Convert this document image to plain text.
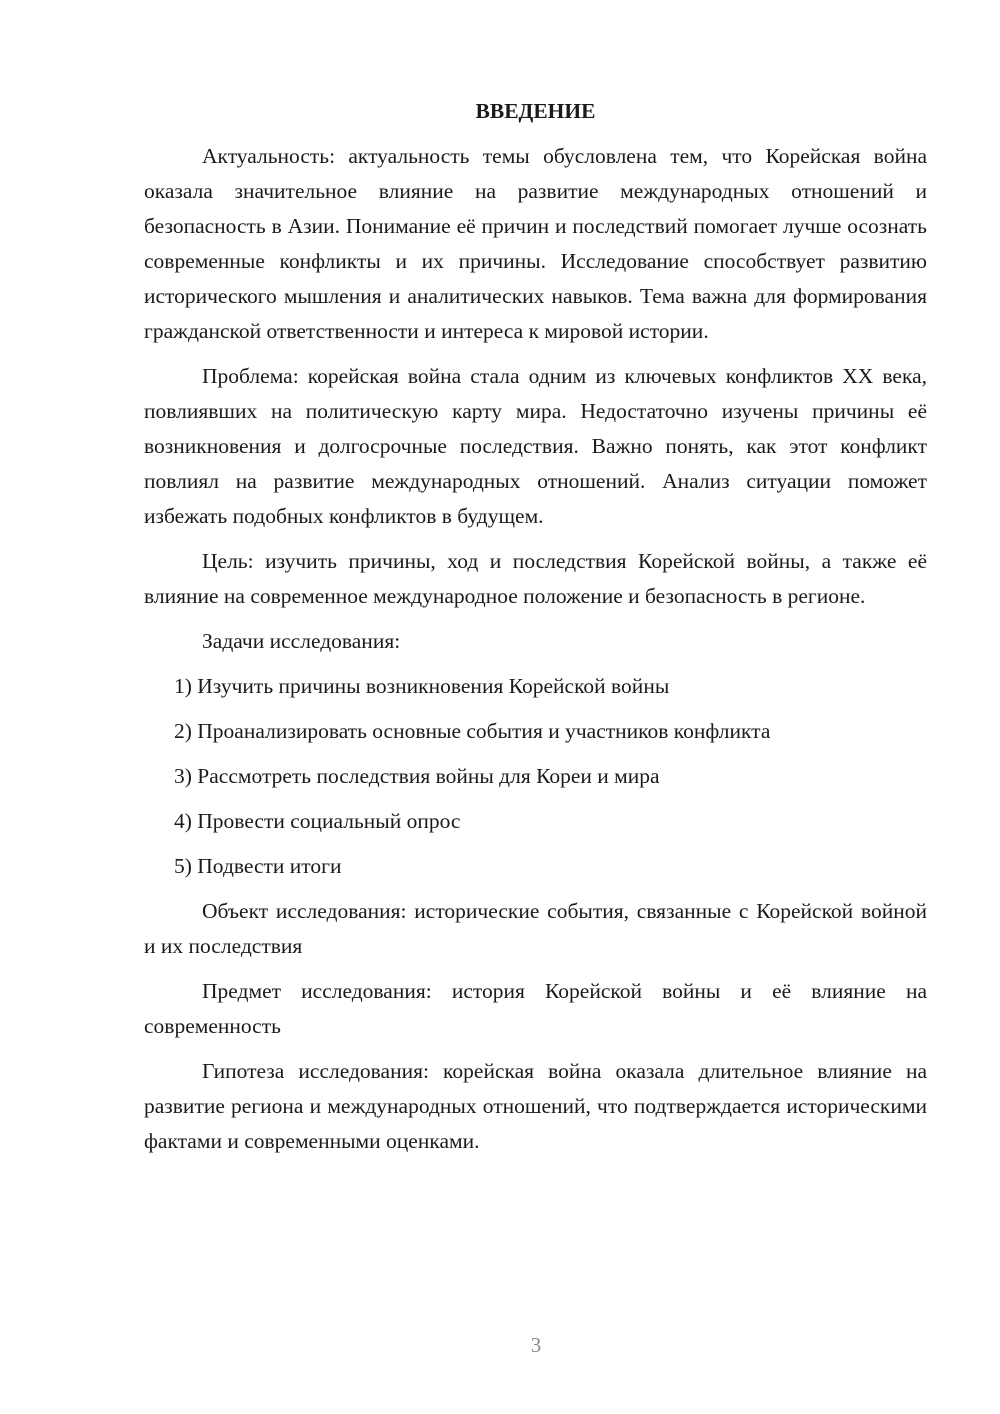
ВВЕДЕНИЕ

Актуальность: актуальность темы обусловлена тем, что Корейская война оказала значительное влияние на развитие международных отношений и безопасность в Азии. Понимание её причин и последствий помогает лучше осознать современные конфликты и их причины. Исследование способствует развитию исторического мышления и аналитических навыков. Тема важна для формирования гражданской ответственности и интереса к мировой истории.

Проблема: корейская война стала одним из ключевых конфликтов XX века, повлиявших на политическую карту мира. Недостаточно изучены причины её возникновения и долгосрочные последствия. Важно понять, как этот конфликт повлиял на развитие международных отношений. Анализ ситуации поможет избежать подобных конфликтов в будущем.

Цель: изучить причины, ход и последствия Корейской войны, а также её влияние на современное международное положение и безопасность в регионе.

Задачи исследования:

1) Изучить причины возникновения Корейской войны
2) Проанализировать основные события и участников конфликта
3) Рассмотреть последствия войны для Кореи и мира
4) Провести социальный опрос
5) Подвести итоги

Объект исследования: исторические события, связанные с Корейской войной и их последствия

Предмет исследования: история Корейской войны и её влияние на современность

Гипотеза исследования: корейская война оказала длительное влияние на развитие региона и международных отношений, что подтверждается историческими фактами и современными оценками.

3
